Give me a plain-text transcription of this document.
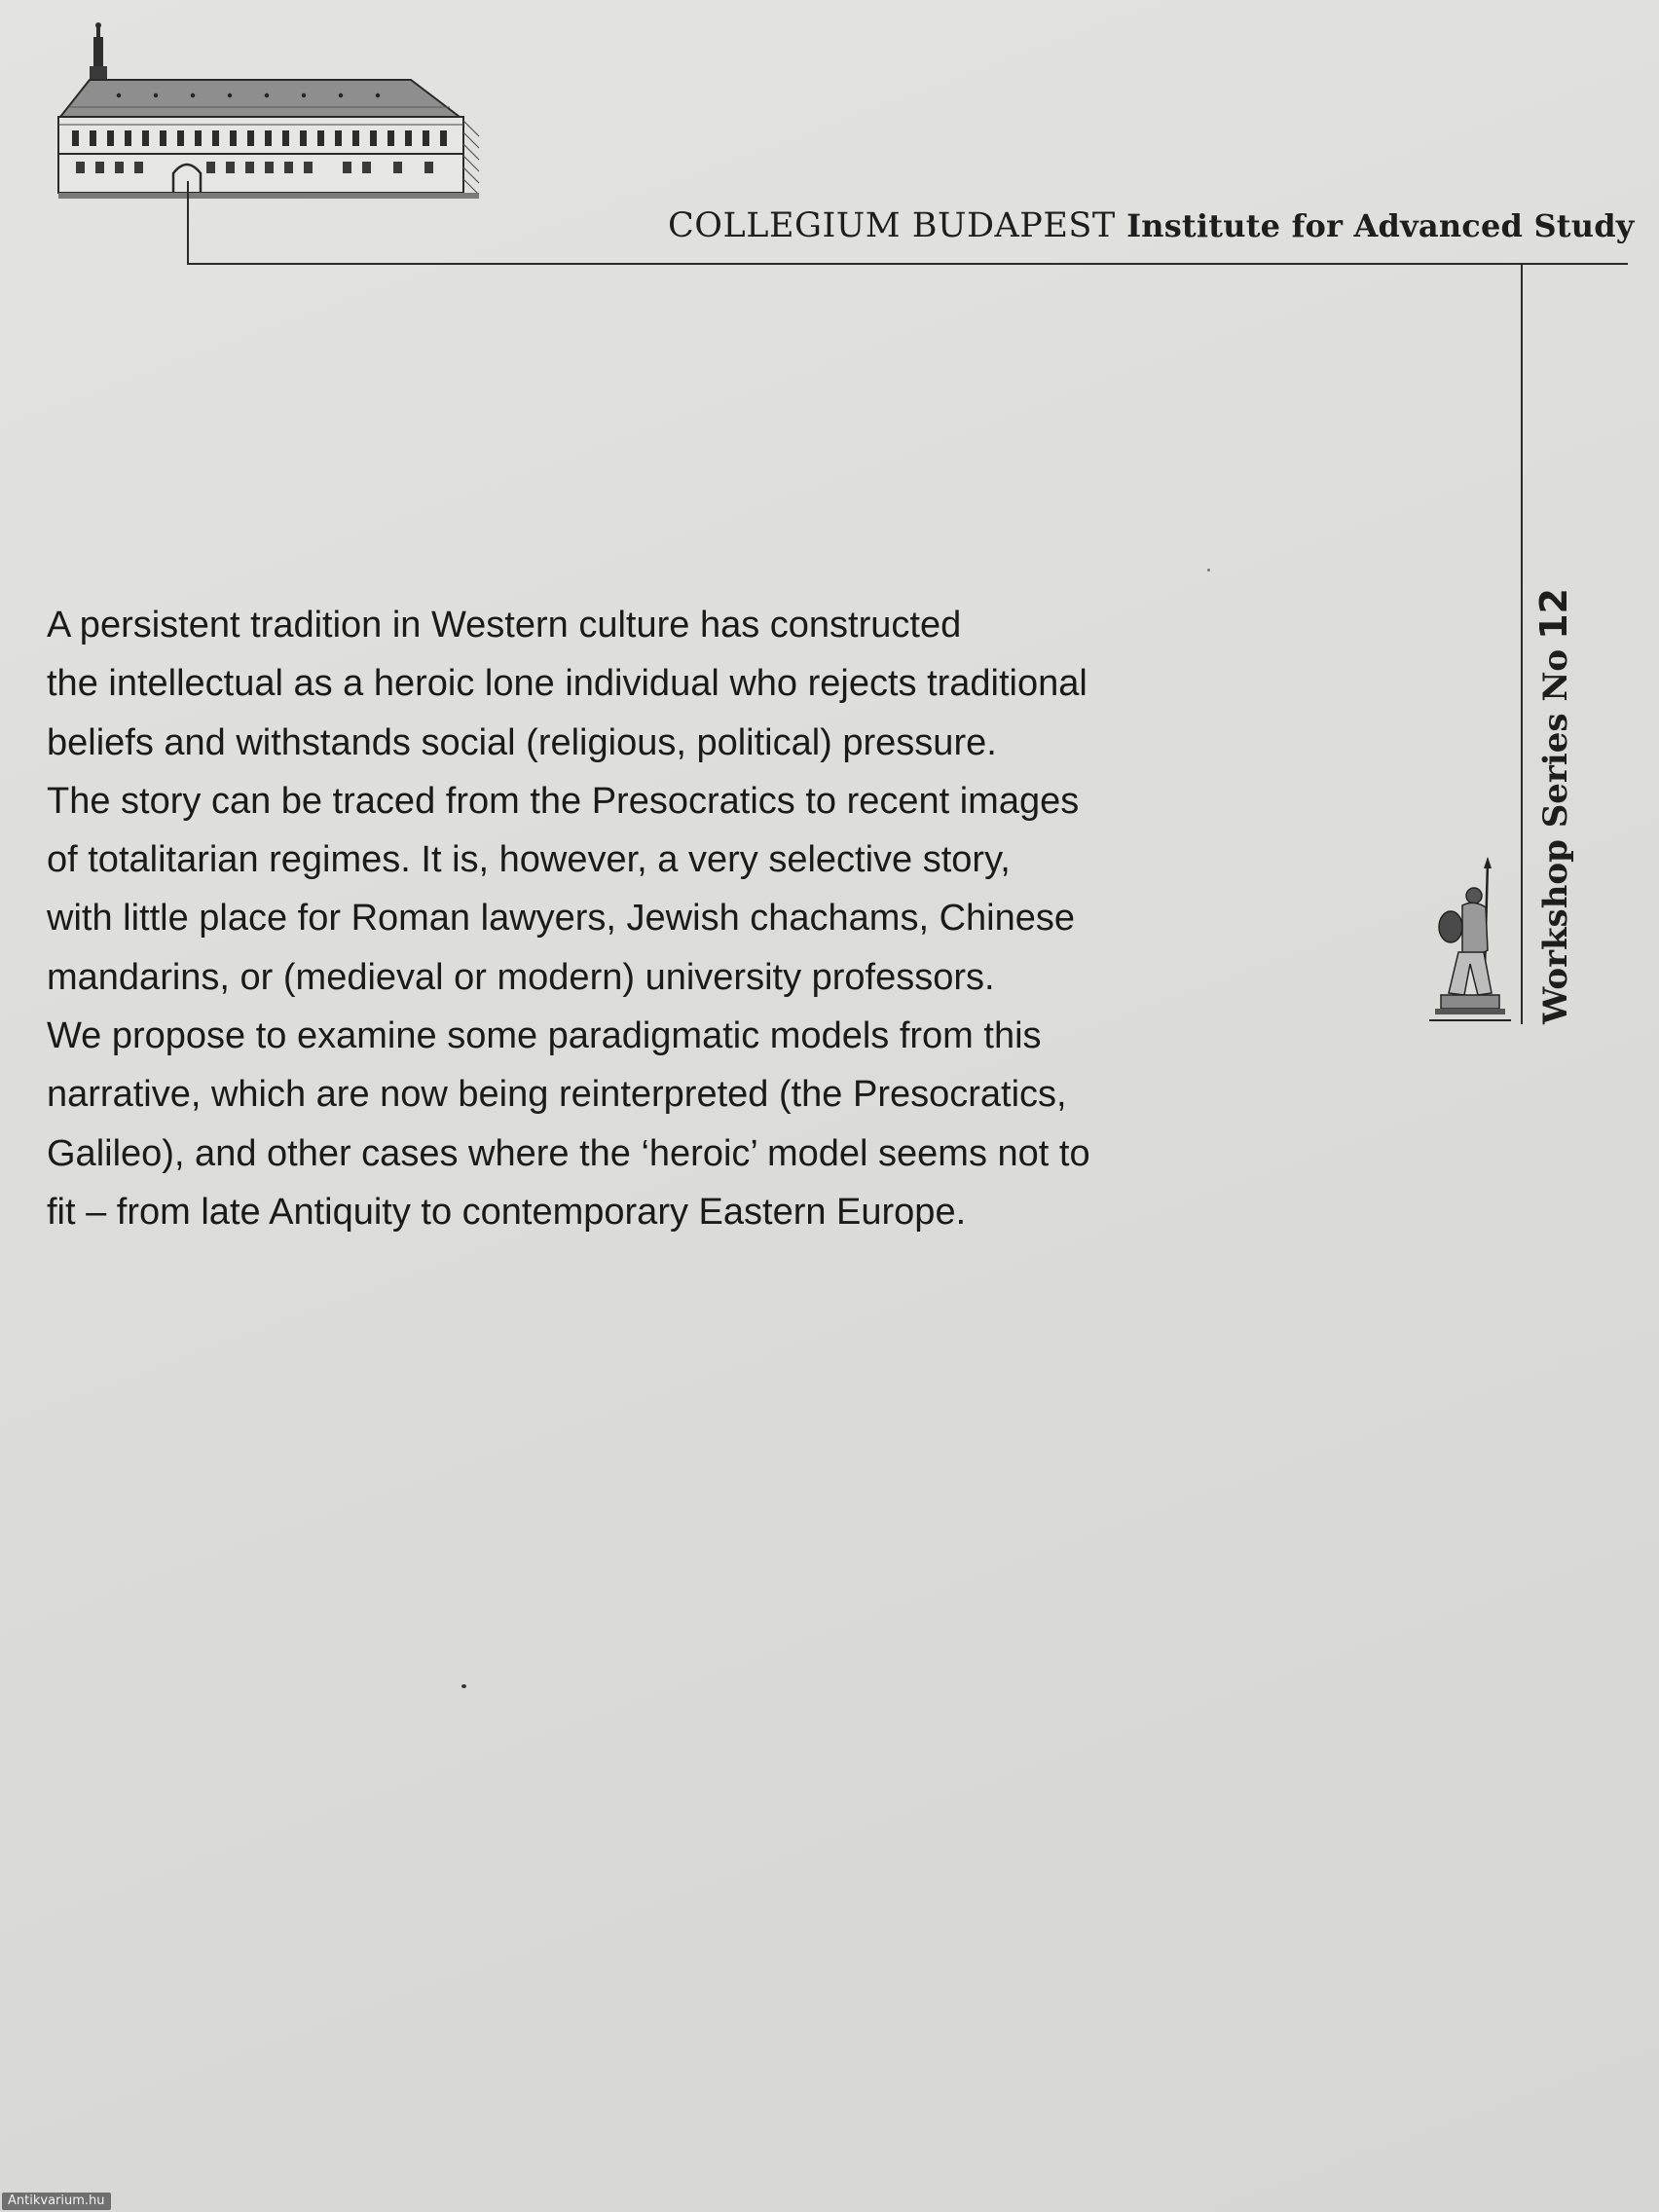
COLLEGIUM BUDAPEST Institute for Advanced Study
Workshop Series No12

A persistent tradition in Western culture has constructed
the intellectual as a heroic lone individual who rejects traditional
beliefs and withstands social (religious, political) pressure.
The story can be traced from the Presocratics to recent images
of totalitarian regimes. It is, however, a very selective story,
with little place for Roman lawyers, Jewish chachams, Chinese
mandarins, or (medieval or modern) university professors.
We propose to examine some paradigmatic models from this
narrative, which are now being reinterpreted (the Presocratics,
Galileo), and other cases where the ‘heroic’ model seems not to
fit – from late Antiquity to contemporary Eastern Europe.

Antikvarium.hu
